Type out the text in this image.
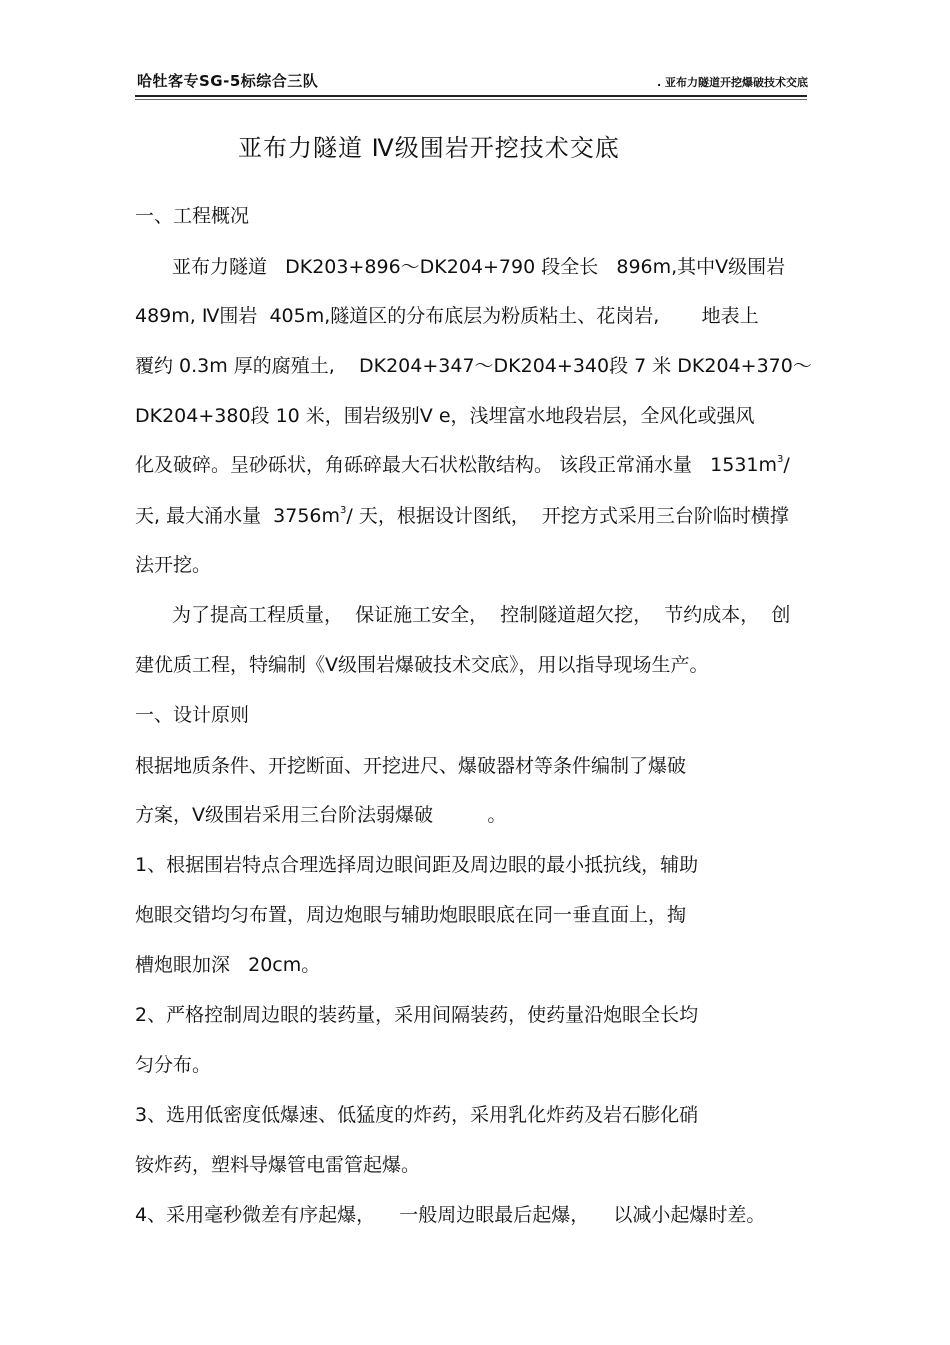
哈牡客专SG-5标综合三队	. 亚布力隧道开挖爆破技术交底
亚布力隧道 Ⅳ级围岩开挖技术交底
一、工程概况
亚布力隧道   DK203+896～DK204+790 段全长   896m,其中Ⅴ级围岩
489m, Ⅳ围岩  405m,隧道区的分布底层为粉质粘土、花岗岩,       地表上
覆约 0.3m 厚的腐殖土,    DK204+347～DK204+340段 7 米 DK204+370～
DK204+380段 10 米，围岩级别Ⅴ e，浅埋富水地段岩层，全风化或强风
化及破碎。呈砂砾状，角砾碎最大石状松散结构。 该段正常涌水量   $1531m^3/$
天, 最大涌水量  $3756m^3/$ 天，根据设计图纸，  开挖方式采用三台阶临时横撑
法开挖。
为了提高工程质量，  保证施工安全，  控制隧道超欠挖，  节约成本，  创
建优质工程，特编制《Ⅴ级围岩爆破技术交底》，用以指导现场生产。
一、设计原则
根据地质条件、开挖断面、开挖进尺、爆破器材等条件编制了爆破
方案，Ⅴ级围岩采用三台阶法弱爆破         。
1、根据围岩特点合理选择周边眼间距及周边眼的最小抵抗线，辅助
炮眼交错均匀布置，周边炮眼与辅助炮眼眼底在同一垂直面上，掏
槽炮眼加深   20cm。
2、严格控制周边眼的装药量，采用间隔装药，使药量沿炮眼全长均
匀分布。
3、选用低密度低爆速、低猛度的炸药，采用乳化炸药及岩石膨化硝
铵炸药，塑料导爆管电雷管起爆。
4、采用毫秒微差有序起爆，    一般周边眼最后起爆，    以减小起爆时差。
